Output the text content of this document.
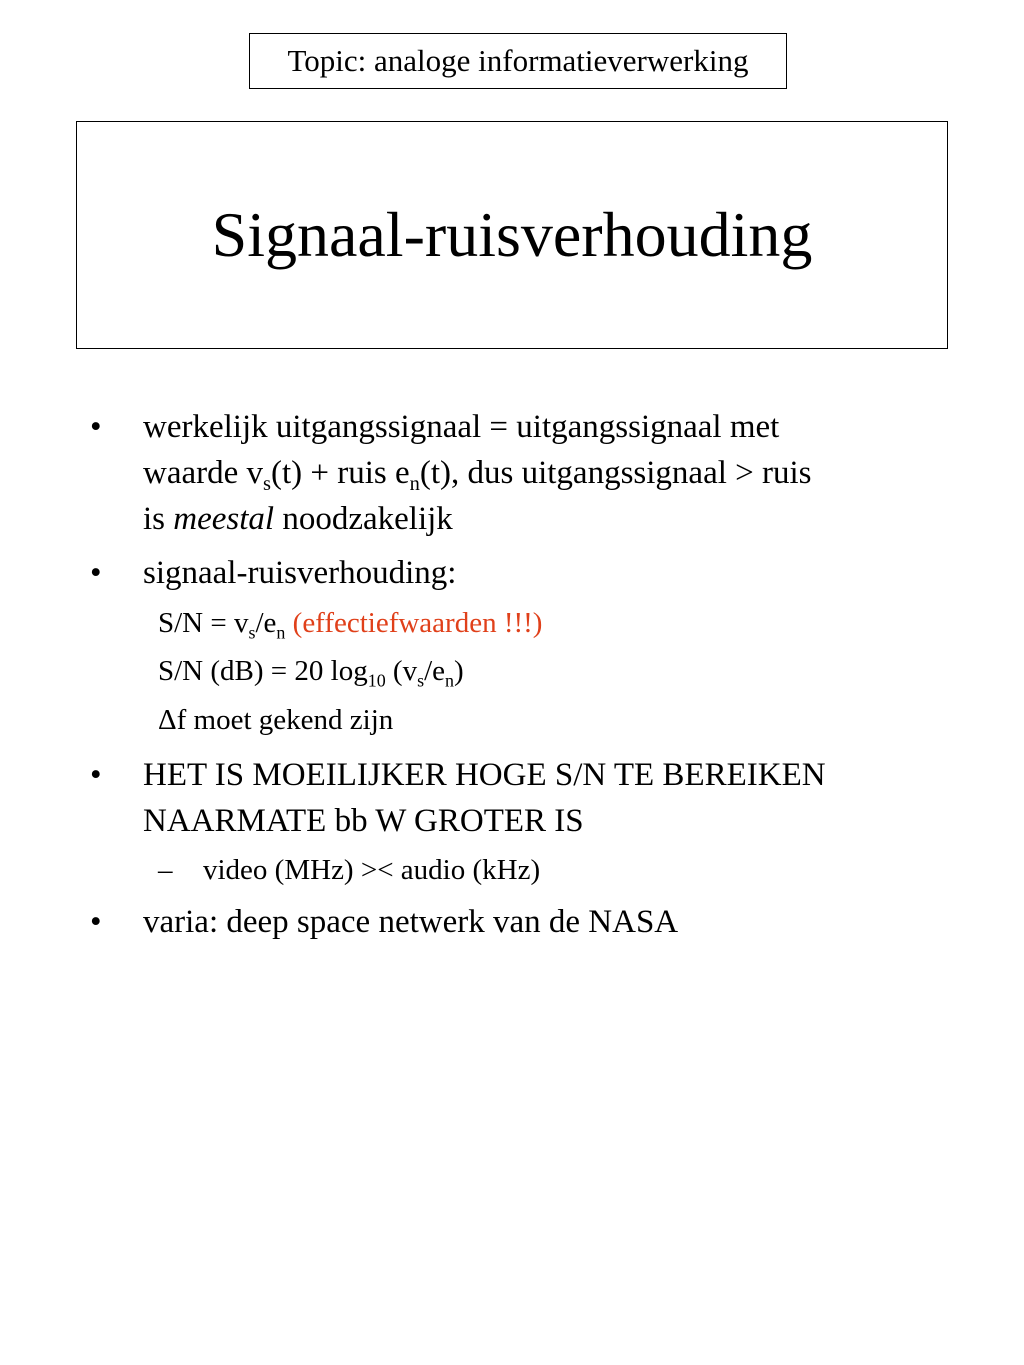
Topic: analoge informatieverwerking
Signaal-ruisverhouding
• werkelijk uitgangssignaal = uitgangssignaal met
waarde $v_s(t)$ + ruis $e_n(t)$, dus uitgangssignaal > ruis
is meestal noodzakelijk
• signaal-ruisverhouding:
$S/N = v_s/e_n$ (effectiefwaarden !!!)
S/N (dB) = 20 $\log_{10} (v_s/e_n)$
Δf moet gekend zijn
• HET IS MOEILIJKER HOGE S/N TE BEREIKEN
NAARMATE bb W GROTER IS
– video (MHz) >< audio (kHz)
• varia: deep space netwerk van de NASA
